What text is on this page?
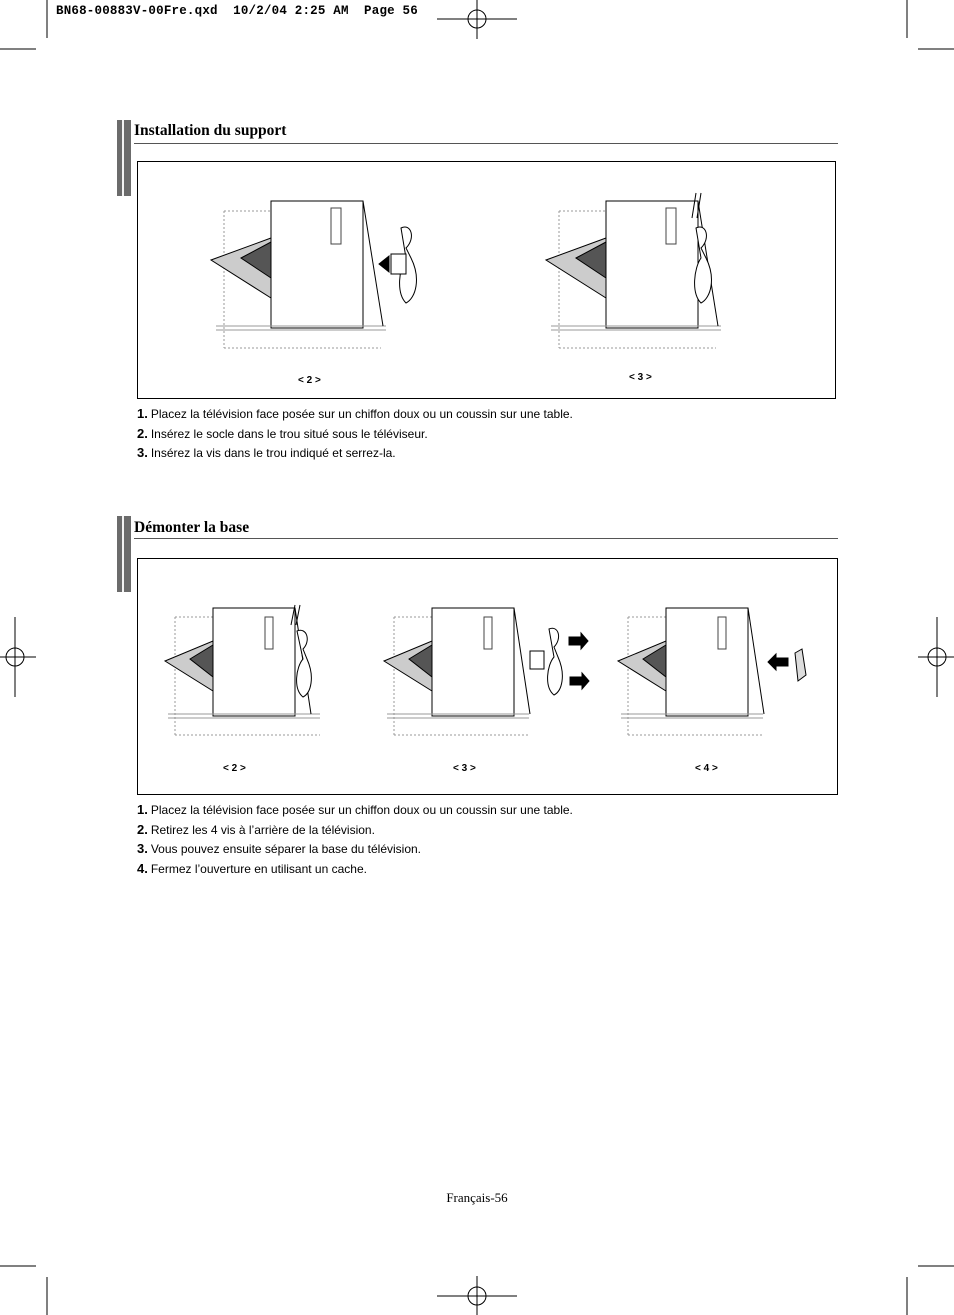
BN68-00883V-00Fre.qxd  10/2/04 2:25 AM  Page 56
Installation du support
< 2 >	< 3 >
1. Placez la télévision face posée sur un chiffon doux ou un coussin sur une table.
2. Insérez le socle dans le trou situé sous le téléviseur.
3. Insérez la vis dans le trou indiqué et serrez-la.
Démonter la base
< 2 >	< 3 >	< 4 >
1. Placez la télévision face posée sur un chiffon doux ou un coussin sur une table.
2. Retirez les 4 vis à l’arrière de la télévision.
3. Vous pouvez ensuite séparer la base du télévision.
4. Fermez l’ouverture en utilisant un cache.
Français-56
